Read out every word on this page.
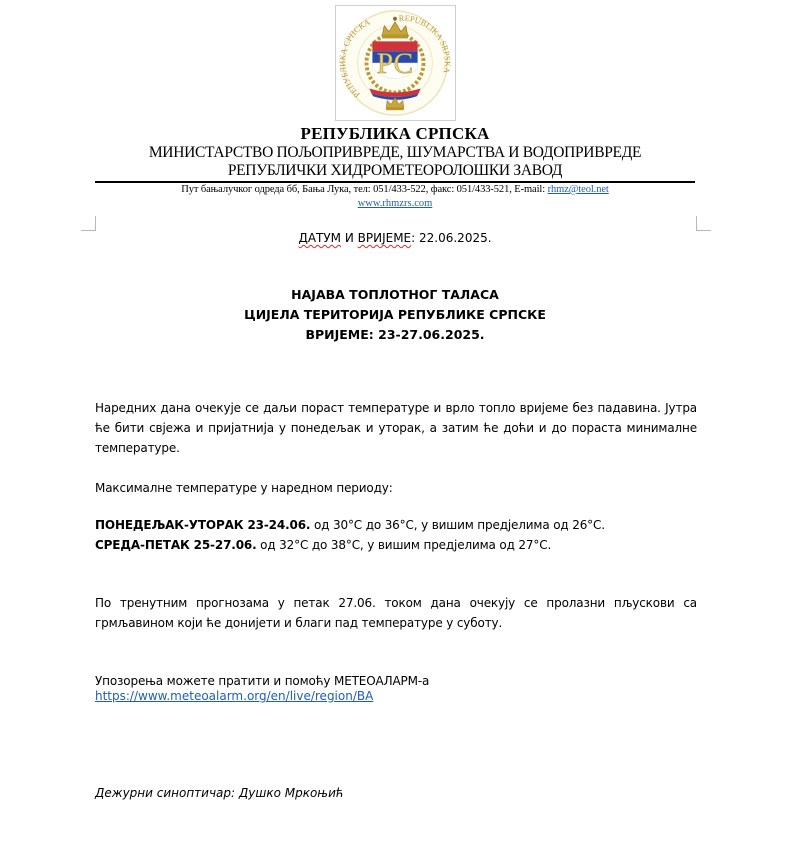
РЕПУБЛИКА СРПСКА	REPUBLIKA SRPSKA
РС
РЕПУБЛИКА СРПСКА
МИНИСТАРСТВО ПОЉОПРИВРЕДЕ, ШУМАРСТВА И ВОДОПРИВРЕДЕ
РЕПУБЛИЧКИ ХИДРОМЕТЕОРОЛОШКИ ЗАВОД
Пут бањалучког одреда бб, Бања Лука, тел: 051/433-522, факс: 051/433-521, E-mail: rhmz@teol.net
www.rhmzrs.com
ДАТУМ И ВРИЈЕМЕ: 22.06.2025.
НАЈАВА ТОПЛОТНОГ ТАЛАСА
ЦИЈЕЛА ТЕРИТОРИЈА РЕПУБЛИКЕ СРПСКЕ
ВРИЈЕМЕ: 23-27.06.2025.
Наредних дана очекује се даљи пораст температуре и врло топло вријеме без падавина. Јутра ће бити свјежа и пријатнија у понедељак и уторак, а затим ће доћи и до пораста минималне температуре.
Максималне температуре у наредном периоду:
ПОНЕДЕЉАК-УТОРАК 23-24.06. од 30°C до 36°C, у вишим предјелима од 26°C.
СРЕДА-ПЕТАК 25-27.06. од 32°C до 38°C, у вишим предјелима од 27°C.
По тренутним прогнозама у петак 27.06. током дана очекују се пролазни пљускови са грмљавином који ће донијети и благи пад температуре у суботу.
Упозорења можете пратити и помоћу МЕТЕОАЛАРМ-а
https://www.meteoalarm.org/en/live/region/BA
Дежурни синоптичар: Душко Мркоњић
